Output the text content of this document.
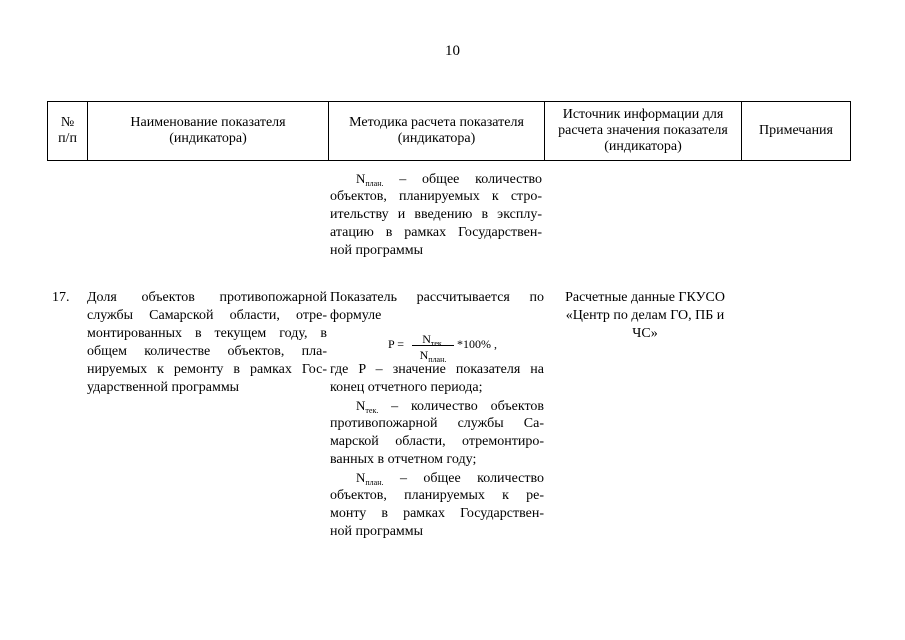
10
№
п/п
Наименование показателя
(индикатора)
Методика расчета показателя
(индикатора)
Источник информации для
расчета значения показателя
(индикатора)
Примечания
$N_{план.}$ – общее количество
объектов, планируемых к стро-
ительству и введению в эксплу-
атацию в рамках Государствен-
ной программы
17.	Доля объектов противопожарной
службы Самарской области, отре-
монтированных в текущем году, в
общем количестве объектов, пла-
нируемых к ремонту в рамках Гос-
ударственной программы
Показатель рассчитывается по
формуле
P =	$N_{тек.}$
$N_{план.}$
*100% ,
где P – значение показателя на
конец отчетного периода;
$N_{тек.}$ – количество объектов
противопожарной службы Са-
марской области, отремонтиро-
ванных в отчетном году;
$N_{план.}$ – общее количество
объектов, планируемых к ре-
монту в рамках Государствен-
ной программы
Расчетные данные ГКУСО
«Центр по делам ГО, ПБ и
ЧС»
